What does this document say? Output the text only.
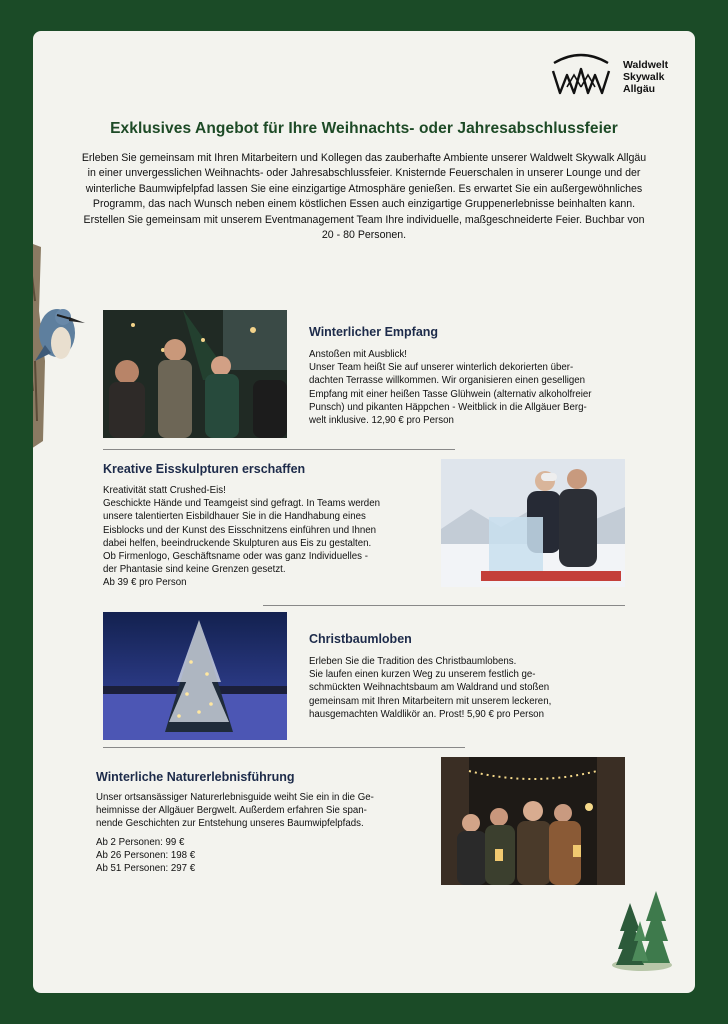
Waldwelt
Skywalk
Allgäu
Exklusives Angebot für Ihre Weihnachts- oder Jahresabschlussfeier

Erleben Sie gemeinsam mit Ihren Mitarbeitern und Kollegen das zauberhafte Ambiente unserer Waldwelt Skywalk Allgäu in einer unvergesslichen Weihnachts- oder Jahresabschlussfeier. Knisternde Feuerschalen in unserer Lounge und der winterliche Baumwipfelpfad lassen Sie eine einzigartige Atmosphäre genießen. Es erwartet Sie ein außergewöhnliches Programm, das nach Wunsch neben einem köstlichen Essen auch einzigartige Gruppenerlebnisse beinhalten kann. Erstellen Sie gemeinsam mit unserem Eventmanagement Team Ihre individuelle, maßgeschneiderte Feier. Buchbar von 20 - 80 Personen.

Winterlicher Empfang

Anstoßen mit Ausblick!
Unser Team heißt Sie auf unserer winterlich dekorierten über-
dachten Terrasse willkommen. Wir organisieren einen geselligen
Empfang mit einer heißen Tasse Glühwein (alternativ alkoholfreier
Punsch) und pikanten Häppchen - Weitblick in die Allgäuer Berg-
welt inklusive. 12,90 € pro Person

Kreative Eisskulpturen erschaffen

Kreativität statt Crushed-Eis!
Geschickte Hände und Teamgeist sind gefragt. In Teams werden
unsere talentierten Eisbildhauer Sie in die Handhabung eines
Eisblocks und der Kunst des Eisschnitzens einführen und Ihnen
dabei helfen, beeindruckende Skulpturen aus Eis zu gestalten.
Ob Firmenlogo, Geschäftsname oder was ganz Individuelles -
der Phantasie sind keine Grenzen gesetzt.
Ab 39 € pro Person

Christbaumloben

Erleben Sie die Tradition des Christbaumlobens.
Sie laufen einen kurzen Weg zu unserem festlich ge-
schmückten Weihnachtsbaum am Waldrand und stoßen
gemeinsam mit Ihren Mitarbeitern mit unserem leckeren,
hausgemachten Waldlikör an. Prost! 5,90 € pro Person

Winterliche Naturerlebnisführung

Unser ortsansässiger Naturerlebnisguide weiht Sie ein in die Ge-
heimnisse der Allgäuer Bergwelt. Außerdem erfahren Sie span-
nende Geschichten zur Entstehung unseres Baumwipfelpfads.

Ab 2 Personen: 99 €
Ab 26 Personen: 198 €
Ab 51 Personen: 297 €
